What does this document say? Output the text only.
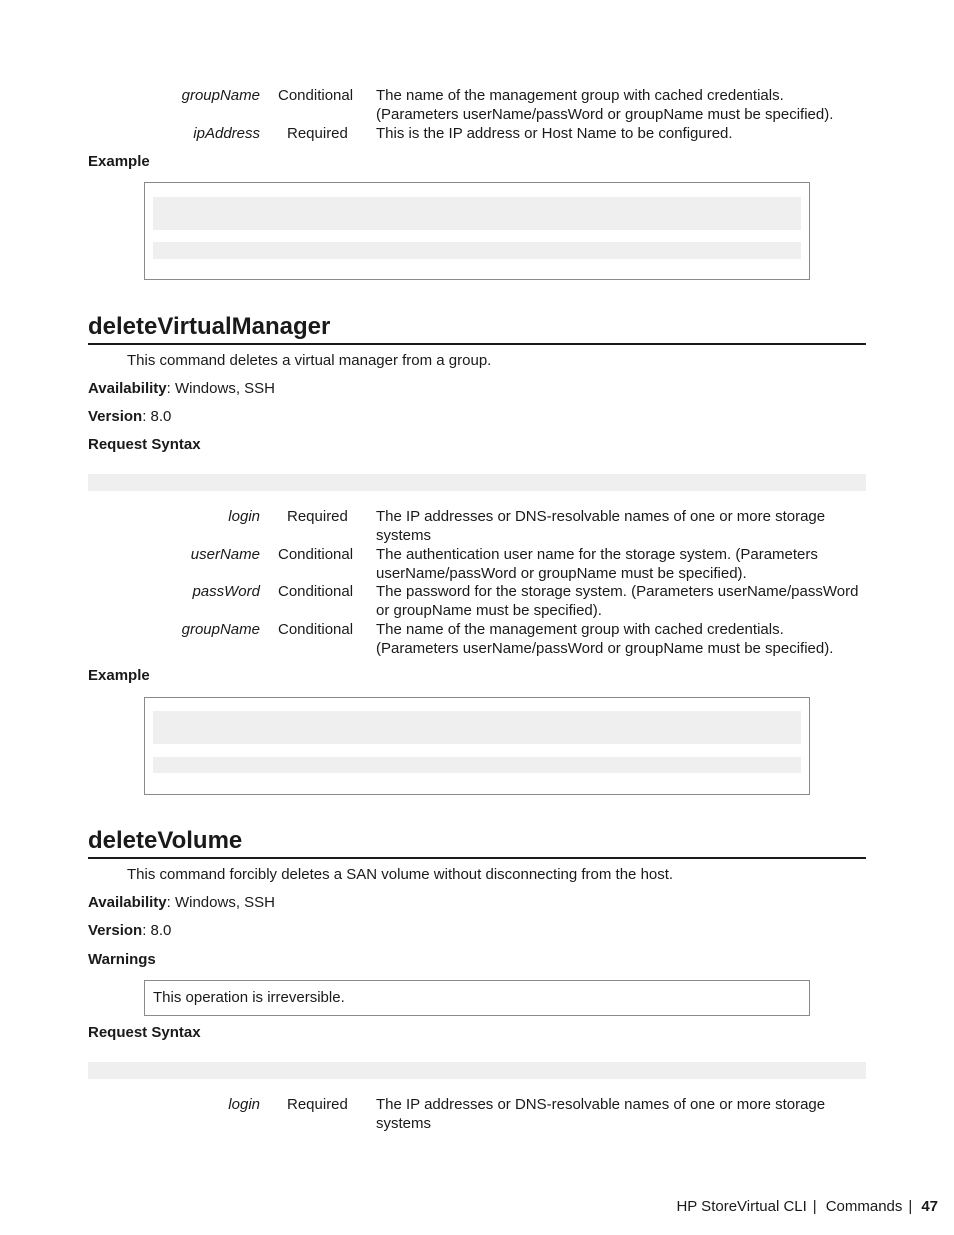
groupName Conditional	The name of the management group with cached credentials. (Parameters userName/passWord or groupName must be specified).
ipAddress Required	This is the IP address or Host Name to be configured.
Example
deleteVirtualManager
This command deletes a virtual manager from a group.
Availability: Windows, SSH
Version: 8.0
Request Syntax
login Required	The IP addresses or DNS-resolvable names of one or more storage systems
userName Conditional	The authentication user name for the storage system. (Parameters userName/passWord or groupName must be specified).
passWord Conditional	The password for the storage system. (Parameters userName/passWord or groupName must be specified).
groupName Conditional	The name of the management group with cached credentials. (Parameters userName/passWord or groupName must be specified).
Example
deleteVolume
This command forcibly deletes a SAN volume without disconnecting from the host.
Availability: Windows, SSH
Version: 8.0
Warnings
This operation is irreversible.
Request Syntax
login Required	The IP addresses or DNS-resolvable names of one or more storage systems
HP StoreVirtual CLI | Commands | 47
